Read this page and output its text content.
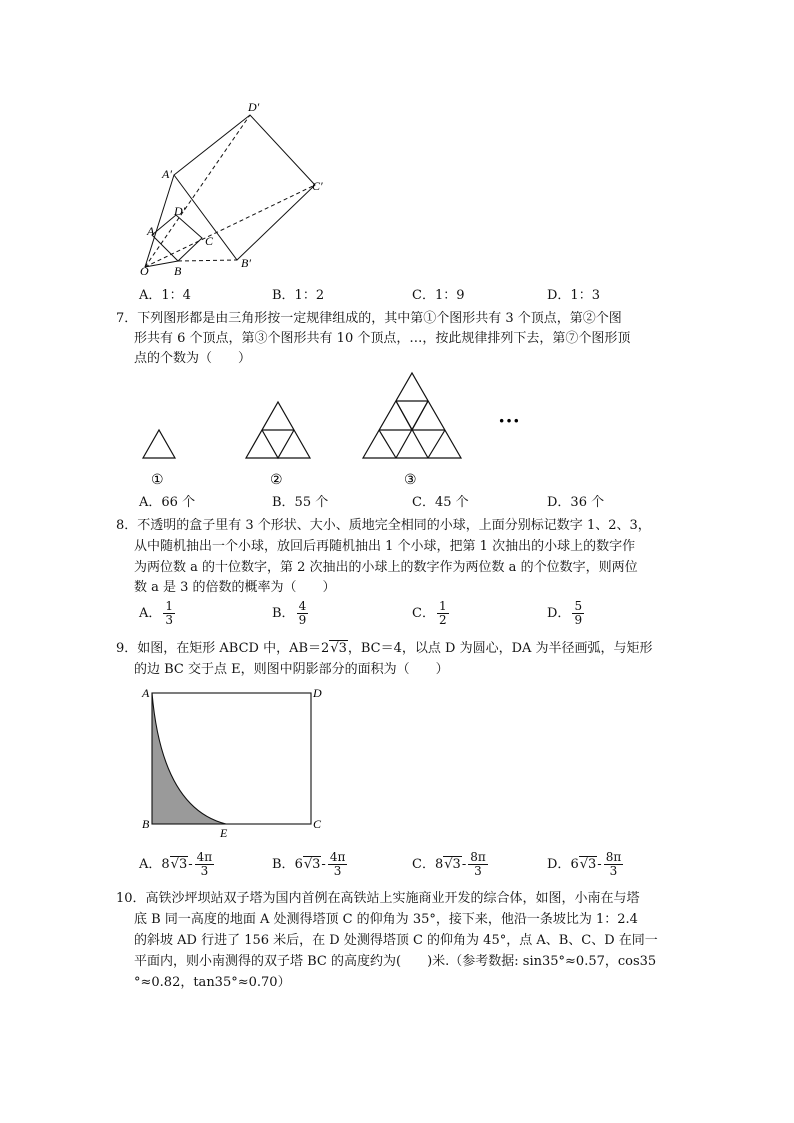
D′
A′
C′
B′
D′
A
C
B
O
A．1：4	B．1：2	C．1：9	D．1：3
7．下列图形都是由三角形按一定规律组成的，其中第①个图形共有 3 个顶点，第②个图
形共有 6 个顶点，第③个图形共有 10 个顶点，…，按此规律排列下去，第⑦个图形顶
点的个数为（　　）
①	②	③
···
A．66 个	B．55 个	C．45 个	D．36 个
8．不透明的盒子里有 3 个形状、大小、质地完全相同的小球，上面分别标记数字 1、2、3，
从中随机抽出一个小球，放回后再随机抽出 1 个小球，把第 1 次抽出的小球上的数字作
为两位数 a 的十位数字，第 2 次抽出的小球上的数字作为两位数 a 的个位数字，则两位
数 a 是 3 的倍数的概率为（　　）
A． $\frac{1}{3}$	B． $\frac{4}{9}$	C． $\frac{1}{2}$	D． $\frac{5}{9}$
9．如图，在矩形 ABCD 中，AB＝2√3，BC＝4，以点 D 为圆心，DA 为半径画弧，与矩形
的边 BC 交于点 E，则图中阴影部分的面积为（　　）
A	D
B	C
E
A．$8√3- \frac{4\pi}{3}$	B．$6√3- \frac{4\pi}{3}$	C．$8√3- \frac{8\pi}{3}$	D．$6√3- \frac{8\pi}{3}$
10．高铁沙坪坝站双子塔为国内首例在高铁站上实施商业开发的综合体，如图，小南在与塔
底 B 同一高度的地面 A 处测得塔顶 C 的仰角为 35°，接下来，他沿一条坡比为 1：2.4
的斜坡 AD 行进了 156 米后，在 D 处测得塔顶 C 的仰角为 45°，点 A、B、C、D 在同一
平面内，则小南测得的双子塔 BC 的高度约为(　　)米.（参考数据: sin35°≈0.57，cos35
°≈0.82，tan35°≈0.70）
